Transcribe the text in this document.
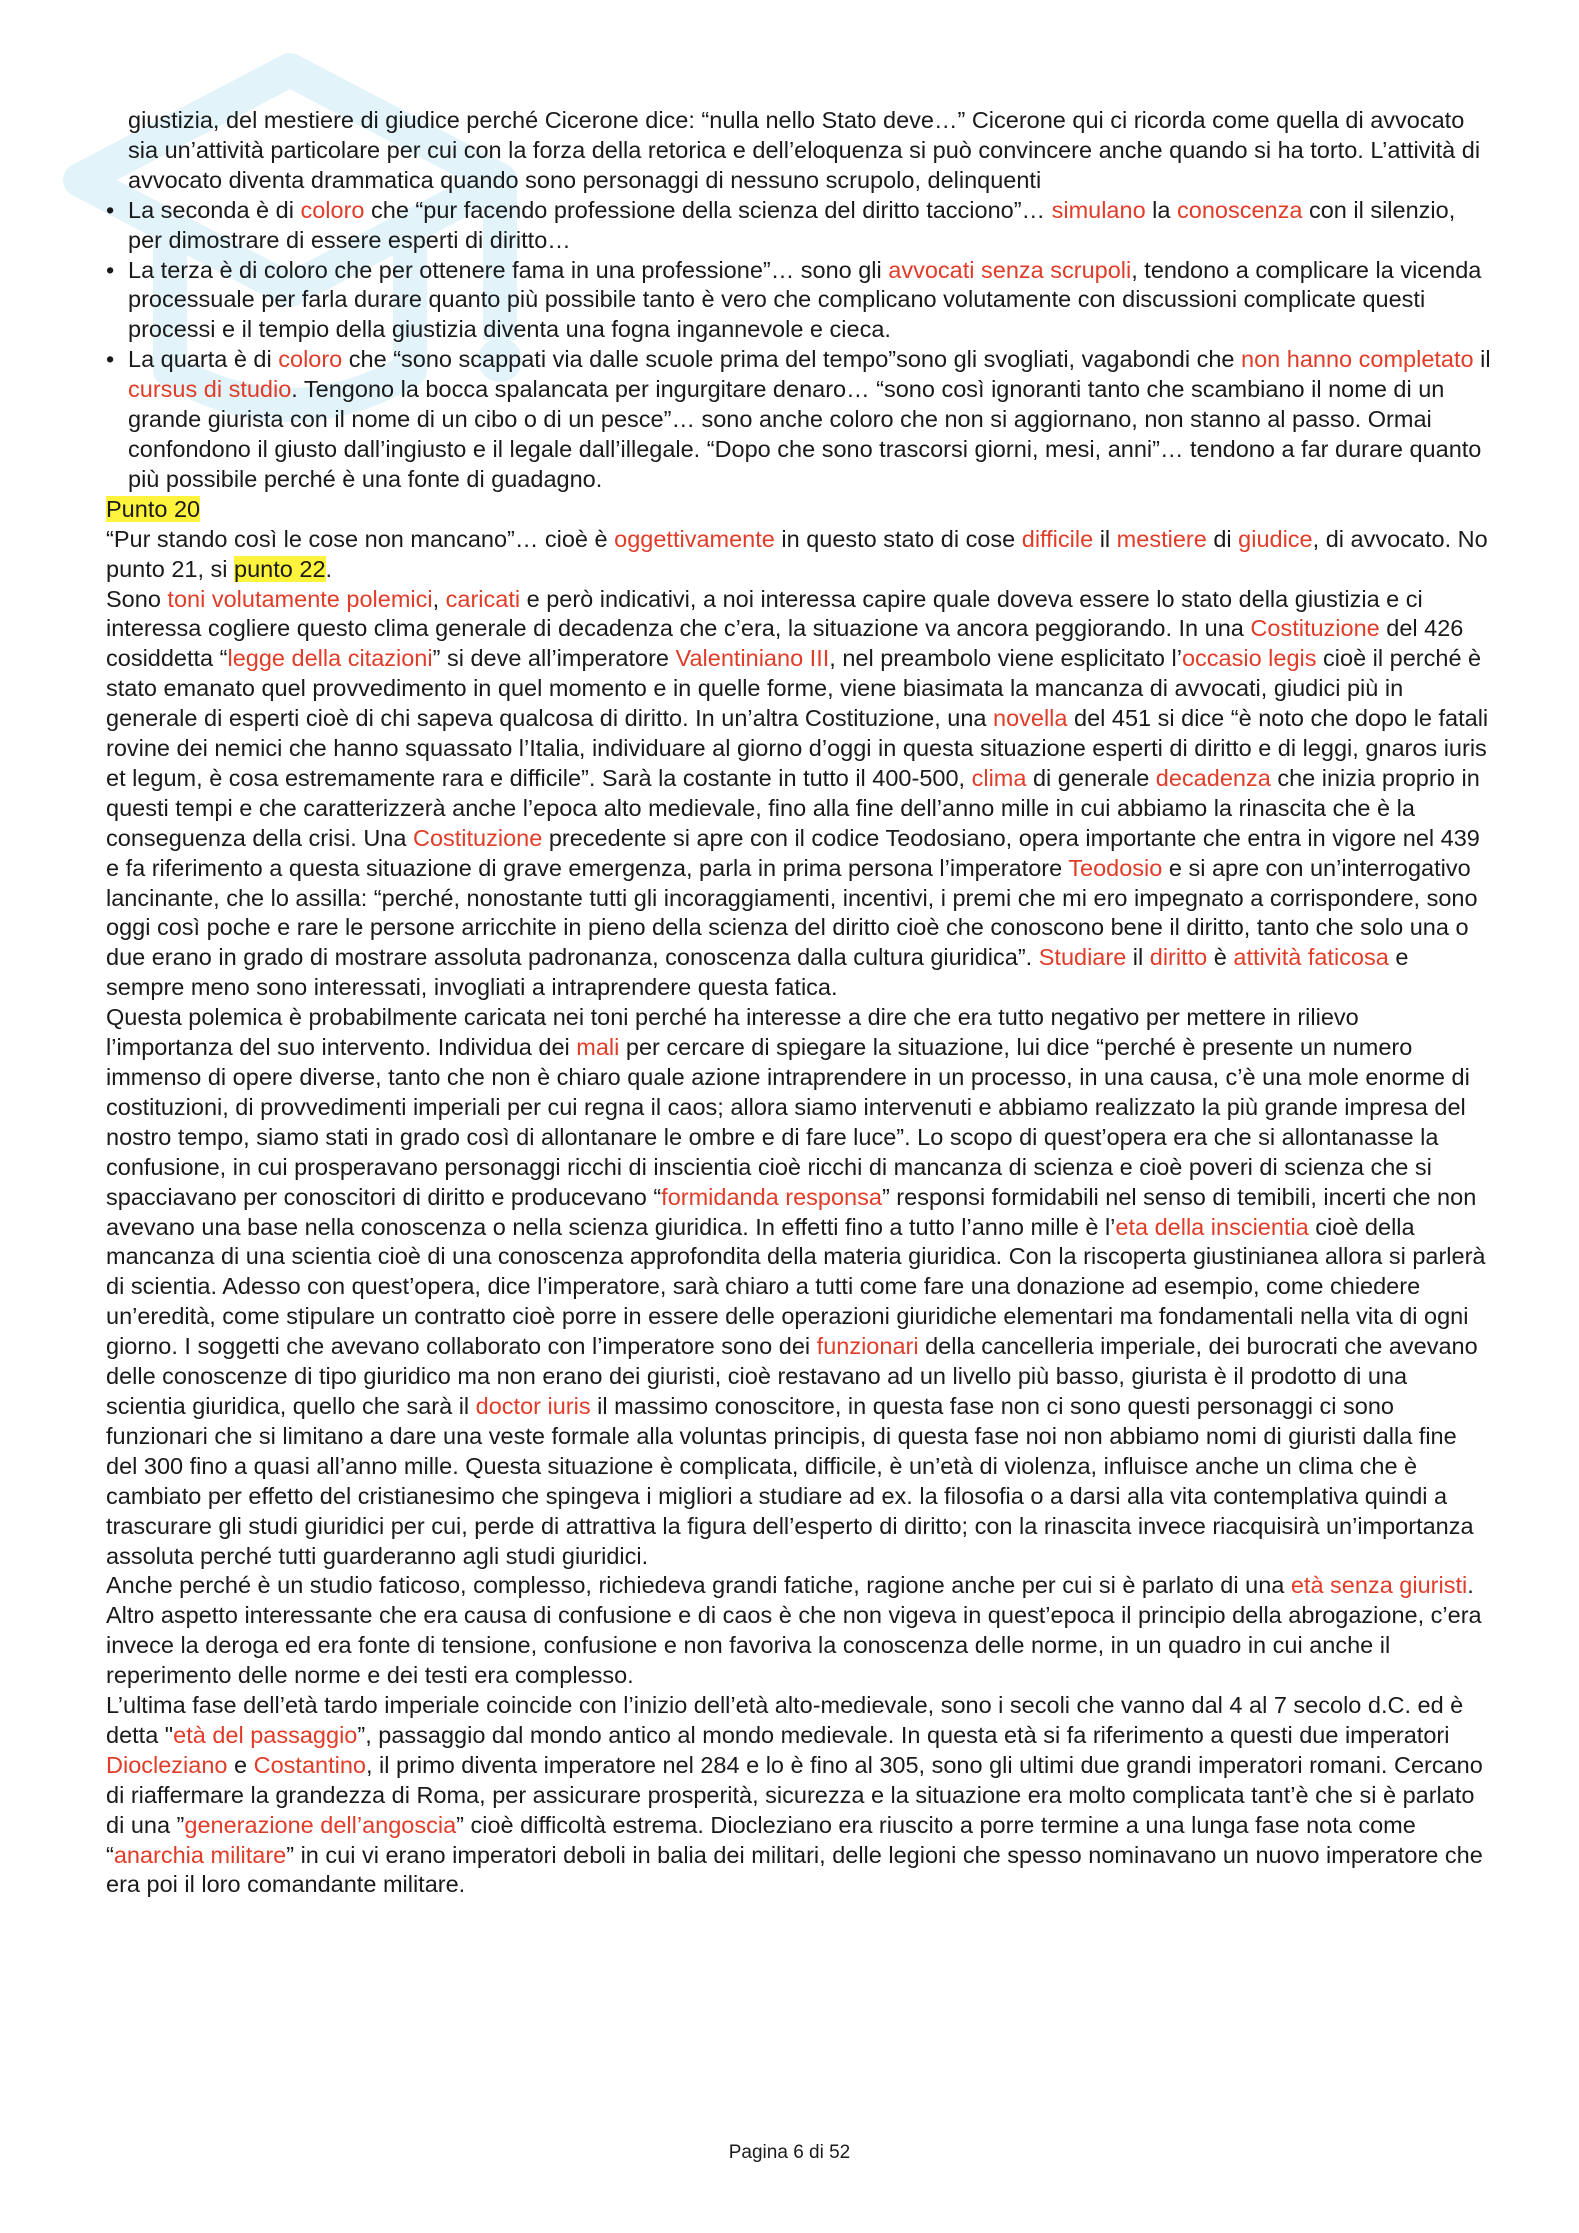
giustizia, del mestiere di giudice perché Cicerone dice: “nulla nello Stato deve…” Cicerone qui ci ricorda come quella di avvocato sia un’attività particolare per cui con la forza della retorica e dell’eloquenza si può convincere anche quando si ha torto. L’attività di avvocato diventa drammatica quando sono personaggi di nessuno scrupolo, delinquenti

• La seconda è di coloro che “pur facendo professione della scienza del diritto tacciono”… simulano la conoscenza con il silenzio, per dimostrare di essere esperti di diritto…
• La terza è di coloro che per ottenere fama in una professione”… sono gli avvocati senza scrupoli, tendono a complicare la vicenda processuale per farla durare quanto più possibile tanto è vero che complicano volutamente con discussioni complicate questi processi e il tempio della giustizia diventa una fogna ingannevole e cieca.
• La quarta è di coloro che “sono scappati via dalle scuole prima del tempo”sono gli svogliati, vagabondi che non hanno completato il cursus di studio. Tengono la bocca spalancata per ingurgitare denaro… “sono così ignoranti tanto che scambiano il nome di un grande giurista con il nome di un cibo o di un pesce”… sono anche coloro che non si aggiornano, non stanno al passo. Ormai confondono il giusto dall’ingiusto e il legale dall’illegale. “Dopo che sono trascorsi giorni, mesi, anni”… tendono a far durare quanto più possibile perché è una fonte di guadagno.

Punto 20

“Pur stando così le cose non mancano”… cioè è oggettivamente in questo stato di cose difficile il mestiere di giudice, di avvocato. No punto 21, si punto 22.

Sono toni volutamente polemici, caricati e però indicativi, a noi interessa capire quale doveva essere lo stato della giustizia e ci interessa cogliere questo clima generale di decadenza che c’era, la situazione va ancora peggiorando. In una Costituzione del 426 cosiddetta “legge della citazioni” si deve all’imperatore Valentiniano III, nel preambolo viene esplicitato l’occasio legis cioè il perché è stato emanato quel provvedimento in quel momento e in quelle forme, viene biasimata la mancanza di avvocati, giudici più in generale di esperti cioè di chi sapeva qualcosa di diritto. In un’altra Costituzione, una novella del 451 si dice “è noto che dopo le fatali rovine dei nemici che hanno squassato l’Italia, individuare al giorno d’oggi in questa situazione esperti di diritto e di leggi, gnaros iuris et legum, è cosa estremamente rara e difficile”. Sarà la costante in tutto il 400-500, clima di generale decadenza che inizia proprio in questi tempi e che caratterizzerà anche l’epoca alto medievale, fino alla fine dell’anno mille in cui abbiamo la rinascita che è la conseguenza della crisi. Una Costituzione precedente si apre con il codice Teodosiano, opera importante che entra in vigore nel 439 e fa riferimento a questa situazione di grave emergenza, parla in prima persona l’imperatore Teodosio e si apre con un’interrogativo lancinante, che lo assilla: “perché, nonostante tutti gli incoraggiamenti, incentivi, i premi che mi ero impegnato a corrispondere, sono oggi così poche e rare le persone arricchite in pieno della scienza del diritto cioè che conoscono bene il diritto, tanto che solo una o due erano in grado di mostrare assoluta padronanza, conoscenza dalla cultura giuridica”. Studiare il diritto è attività faticosa e sempre meno sono interessati, invogliati a intraprendere questa fatica.

Questa polemica è probabilmente caricata nei toni perché ha interesse a dire che era tutto negativo per mettere in rilievo l’importanza del suo intervento. Individua dei mali per cercare di spiegare la situazione, lui dice “perché è presente un numero immenso di opere diverse, tanto che non è chiaro quale azione intraprendere in un processo, in una causa, c’è una mole enorme di costituzioni, di provvedimenti imperiali per cui regna il caos; allora siamo intervenuti e abbiamo realizzato la più grande impresa del nostro tempo, siamo stati in grado così di allontanare le ombre e di fare luce”. Lo scopo di quest’opera era che si allontanasse la confusione, in cui prosperavano personaggi ricchi di inscientia cioè ricchi di mancanza di scienza e cioè poveri di scienza che si spacciavano per conoscitori di diritto e producevano “formidanda responsa” responsi formidabili nel senso di temibili, incerti che non avevano una base nella conoscenza o nella scienza giuridica. In effetti fino a tutto l’anno mille è l’eta della inscientia cioè della mancanza di una scientia cioè di una conoscenza approfondita della materia giuridica. Con la riscoperta giustinianea allora si parlerà di scientia. Adesso con quest’opera, dice l’imperatore, sarà chiaro a tutti come fare una donazione ad esempio, come chiedere un’eredità, come stipulare un contratto cioè porre in essere delle operazioni giuridiche elementari ma fondamentali nella vita di ogni giorno. I soggetti che avevano collaborato con l’imperatore sono dei funzionari della cancelleria imperiale, dei burocrati che avevano delle conoscenze di tipo giuridico ma non erano dei giuristi, cioè restavano ad un livello più basso, giurista è il prodotto di una scientia giuridica, quello che sarà il doctor iuris il massimo conoscitore, in questa fase non ci sono questi personaggi ci sono funzionari che si limitano a dare una veste formale alla voluntas principis, di questa fase noi non abbiamo nomi di giuristi dalla fine del 300 fino a quasi all’anno mille. Questa situazione è complicata, difficile, è un’età di violenza, influisce anche un clima che è cambiato per effetto del cristianesimo che spingeva i migliori a studiare ad ex. la filosofia o a darsi alla vita contemplativa quindi a trascurare gli studi giuridici per cui, perde di attrattiva la figura dell’esperto di diritto; con la rinascita invece riacquisirà un’importanza assoluta perché tutti guarderanno agli studi giuridici.

Anche perché è un studio faticoso, complesso, richiedeva grandi fatiche, ragione anche per cui si è parlato di una età senza giuristi. Altro aspetto interessante che era causa di confusione e di caos è che non vigeva in quest’epoca il principio della abrogazione, c’era invece la deroga ed era fonte di tensione, confusione e non favoriva la conoscenza delle norme, in un quadro in cui anche il reperimento delle norme e dei testi era complesso.

L’ultima fase dell’età tardo imperiale coincide con l’inizio dell’età alto-medievale, sono i secoli che vanno dal 4 al 7 secolo d.C. ed è detta "età del passaggio”, passaggio dal mondo antico al mondo medievale. In questa età si fa riferimento a questi due imperatori Diocleziano e Costantino, il primo diventa imperatore nel 284 e lo è fino al 305, sono gli ultimi due grandi imperatori romani. Cercano di riaffermare la grandezza di Roma, per assicurare prosperità, sicurezza e la situazione era molto complicata tant’è che si è parlato di una ”generazione dell’angoscia” cioè difficoltà estrema. Diocleziano era riuscito a porre termine a una lunga fase nota come “anarchia militare” in cui vi erano imperatori deboli in balia dei militari, delle legioni che spesso nominavano un nuovo imperatore che era poi il loro comandante militare.

Pagina 6 di 52
